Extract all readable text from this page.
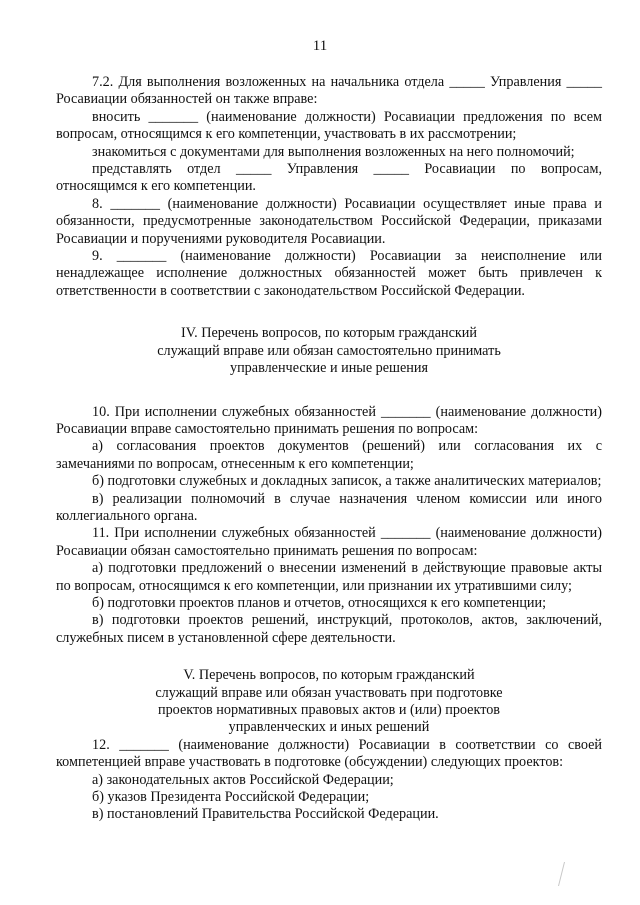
11

7.2. Для выполнения возложенных на начальника отдела _____ Управления _____ Росавиации обязанностей он также вправе:

вносить _______ (наименование должности) Росавиации предложения по всем вопросам, относящимся к его компетенции, участвовать в их рассмотрении;

знакомиться с документами для выполнения возложенных на него полномочий;

представлять отдел _____ Управления _____ Росавиации по вопросам, относящимся к его компетенции.

8. _______ (наименование должности) Росавиации осуществляет иные права и обязанности, предусмотренные законодательством Российской Федерации, приказами Росавиации и поручениями руководителя Росавиации.

9. _______ (наименование должности) Росавиации за неисполнение или ненадлежащее исполнение должностных обязанностей может быть привлечен к ответственности в соответствии с законодательством Российской Федерации.

IV. Перечень вопросов, по которым гражданский
служащий вправе или обязан самостоятельно принимать
управленческие и иные решения

10. При исполнении служебных обязанностей _______ (наименование должности) Росавиации вправе самостоятельно принимать решения по вопросам:

а) согласования проектов документов (решений) или согласования их с замечаниями по вопросам, отнесенным к его компетенции;

б) подготовки служебных и докладных записок, а также аналитических материалов;

в) реализации полномочий в случае назначения членом комиссии или иного коллегиального органа.

11. При исполнении служебных обязанностей _______ (наименование должности) Росавиации обязан самостоятельно принимать решения по вопросам:

а) подготовки предложений о внесении изменений в действующие правовые акты по вопросам, относящимся к его компетенции, или признании их утратившими силу;

б) подготовки проектов планов и отчетов, относящихся к его компетенции;

в) подготовки проектов решений, инструкций, протоколов, актов, заключений, служебных писем в установленной сфере деятельности.

V. Перечень вопросов, по которым гражданский
служащий вправе или обязан участвовать при подготовке
проектов нормативных правовых актов и (или) проектов
управленческих и иных решений

12. _______ (наименование должности) Росавиации в соответствии со своей компетенцией вправе участвовать в подготовке (обсуждении) следующих проектов:

а) законодательных актов Российской Федерации;

б) указов Президента Российской Федерации;

в) постановлений Правительства Российской Федерации.
